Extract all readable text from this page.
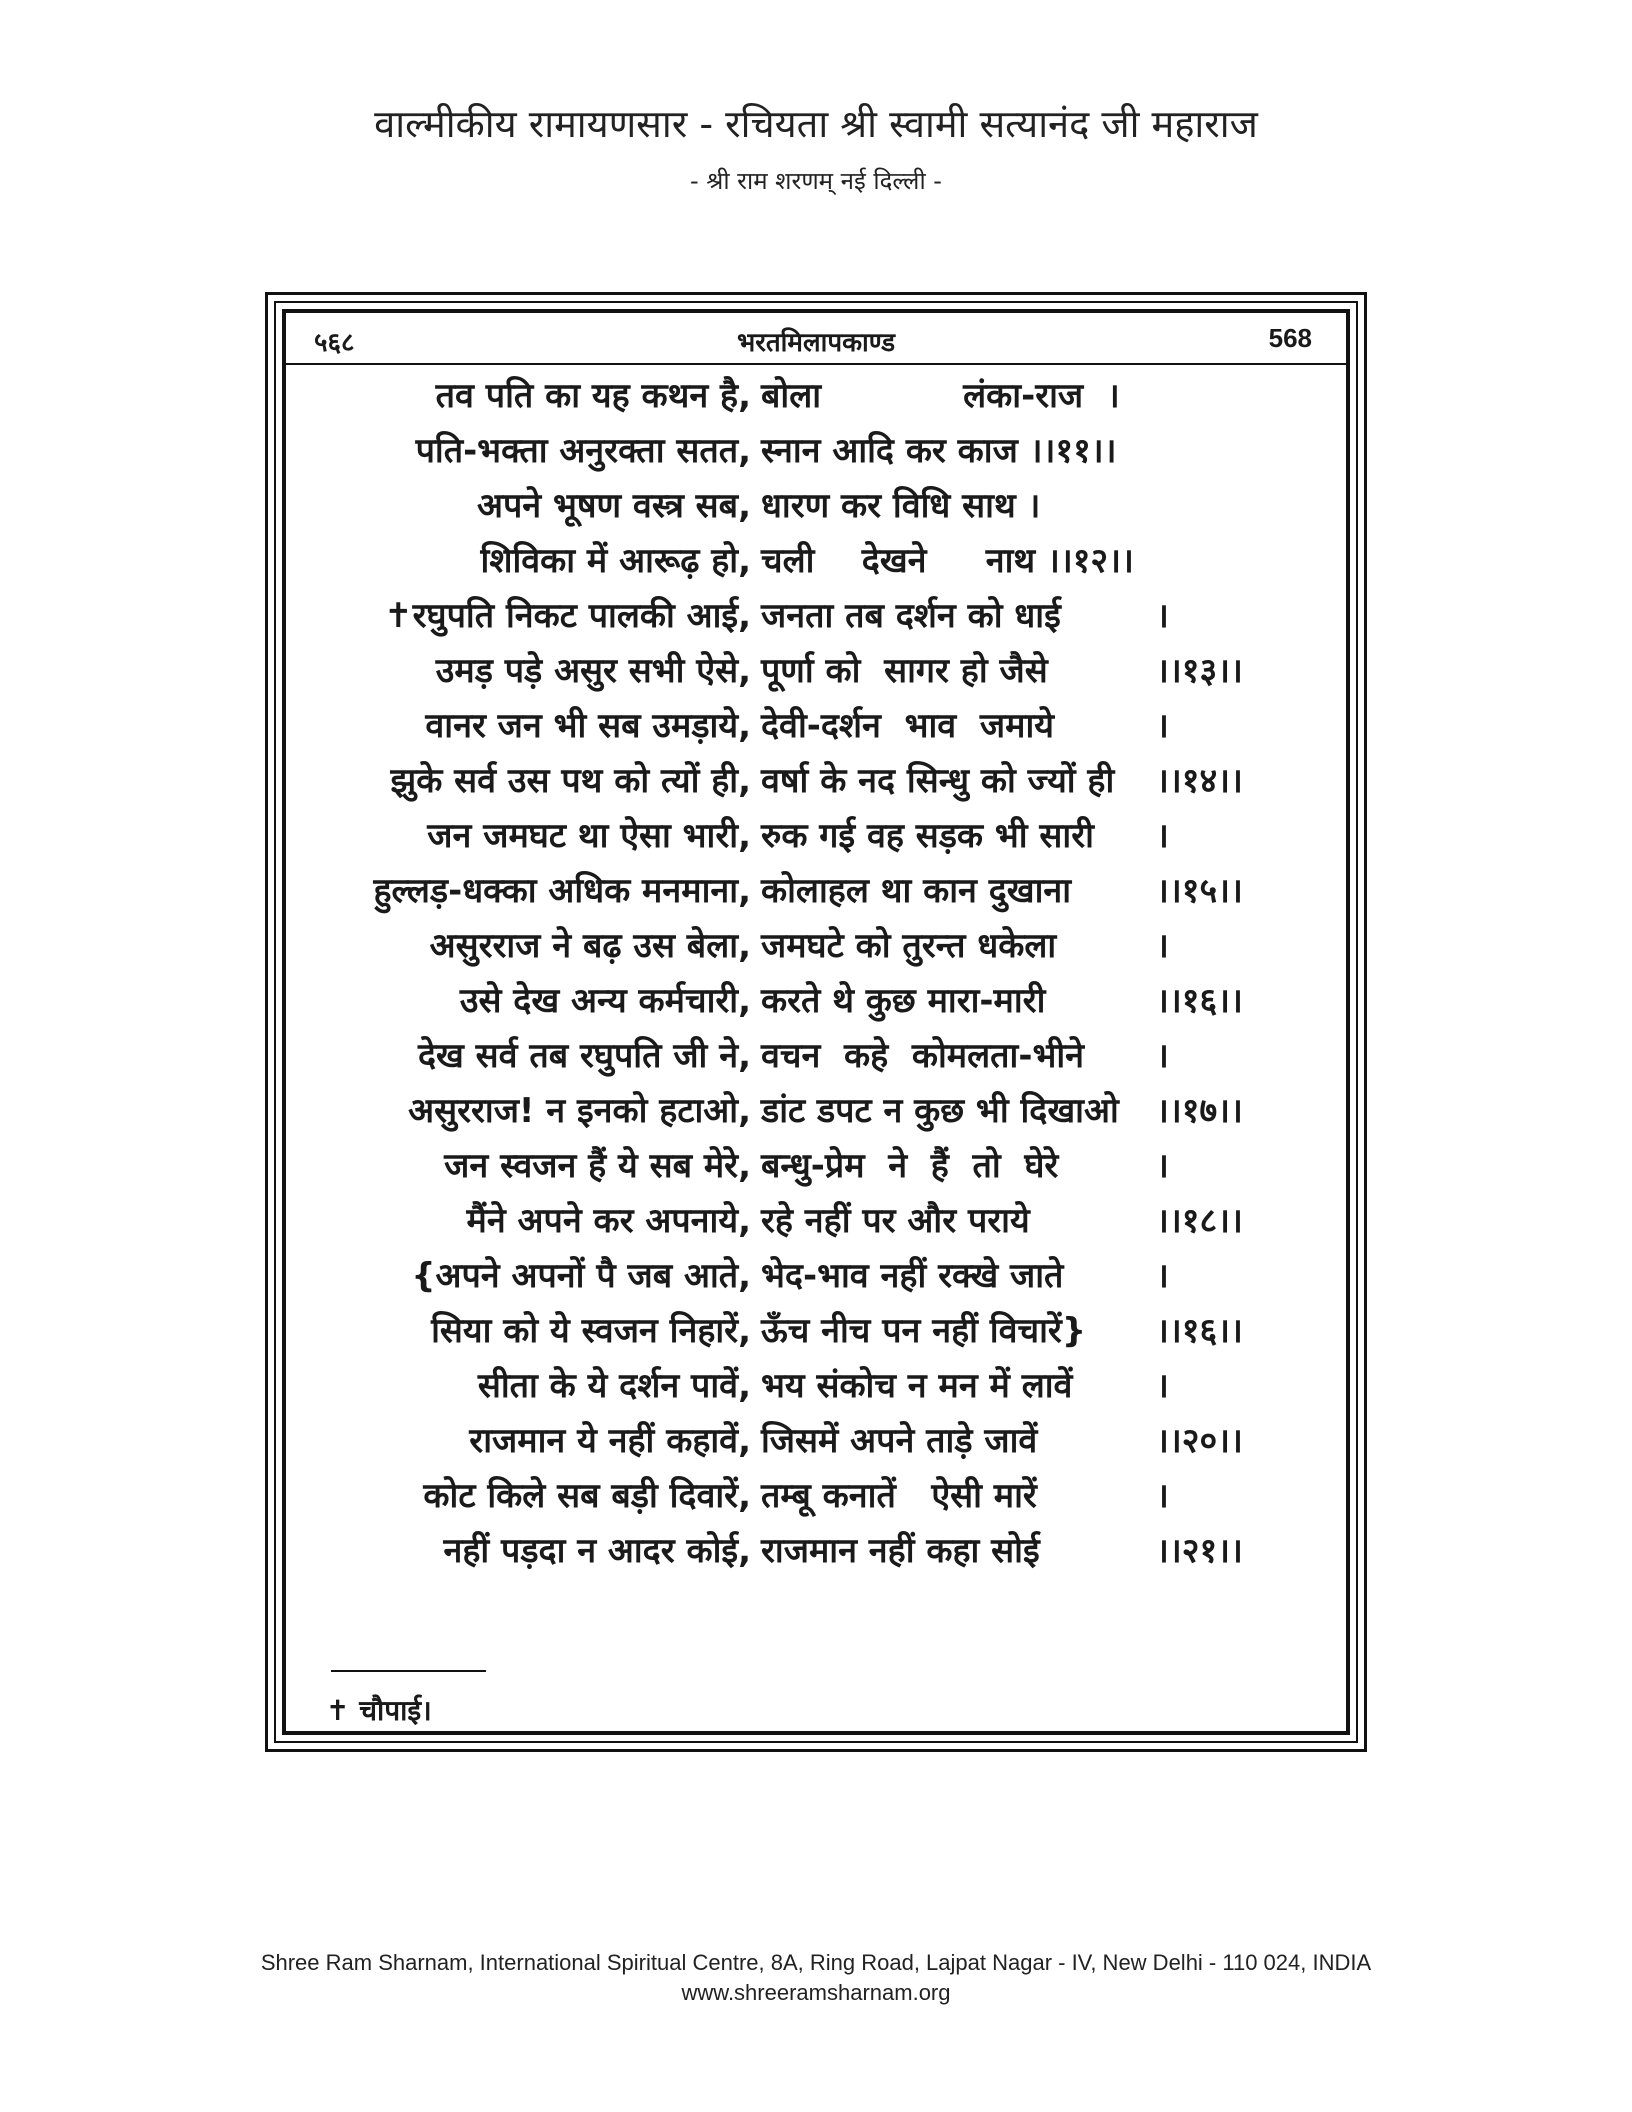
वाल्मीकीय रामायणसार - रचियता श्री स्वामी सत्यानंद जी महाराज
- श्री राम शरणम् नई दिल्ली -
५६८	भरतमिलापकाण्ड	568
तव पति का यह कथन है, बोला            लंका-राज  ।
पति-भक्ता अनुरक्ता सतत, स्नान आदि कर काज ।।११।।
अपने भूषण वस्त्र सब, धारण कर विधि साथ ।
शिविका में आरूढ़ हो, चली    देखने     नाथ ।।१२।।
✝रघुपति निकट पालकी आई, जनता तब दर्शन को धाई	।
उमड़ पड़े असुर सभी ऐसे, पूर्णा को  सागर हो जैसे	।।१३।।
वानर जन भी सब उमड़ाये, देवी-दर्शन  भाव  जमाये	।
झुके सर्व उस पथ को त्यों ही, वर्षा के नद सिन्धु को ज्यों ही ।।१४।।
जन जमघट था ऐसा भारी, रुक गई वह सड़क भी सारी ।
हुल्लड़-धक्का अधिक मनमाना, कोलाहल था कान दुखाना ।।१५।।
असुरराज ने बढ़ उस बेला, जमघटे को तुरन्त धकेला	।
उसे देख अन्य कर्मचारी, करते थे कुछ मारा-मारी	।।१६।।
देख सर्व तब रघुपति जी ने, वचन  कहे  कोमलता-भीने ।
असुरराज! न इनको हटाओ, डांट डपट न कुछ भी दिखाओ ।।१७।।
जन स्वजन हैं ये सब मेरे, बन्धु-प्रेम  ने  हैं  तो  घेरे	।
मैंने अपने कर अपनाये, रहे नहीं पर और पराये	।।१८।।
{अपने अपनों पै जब आते, भेद-भाव नहीं रक्खे जाते	।
सिया को ये स्वजन निहारें, ऊँच नीच पन नहीं विचारें} ।।१६।।
सीता के ये दर्शन पावें, भय संकोच न मन में लावें ।
राजमान ये नहीं कहावें, जिसमें अपने ताड़े जावें	।।२०।।
कोट किले सब बड़ी दिवारें, तम्बू कनातें   ऐसी मारें	।
नहीं पड़दा न आदर कोई, राजमान नहीं कहा सोई	।।२१।।
✝ चौपाई।
Shree Ram Sharnam, International Spiritual Centre, 8A, Ring Road, Lajpat Nagar - IV, New Delhi - 110 024, INDIA
www.shreeramsharnam.org
